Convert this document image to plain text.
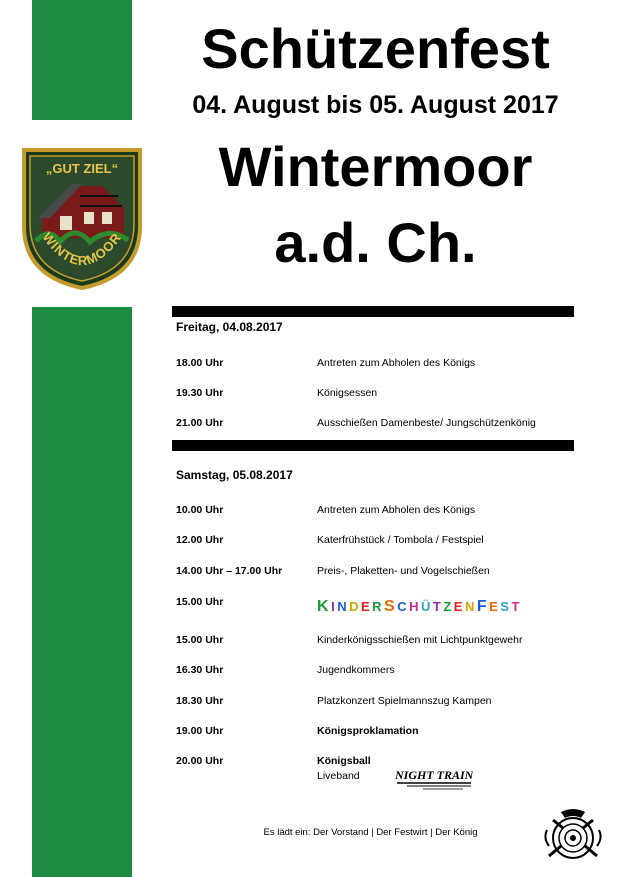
„GUT ZIEL“
WINTERMOOR
Schützenfest
04. August bis 05. August 2017
Wintermoor
a.d. Ch.
Freitag, 04.08.2017
18.00 Uhr	Antreten zum Abholen des Königs
19.30 Uhr	Königsessen
21.00 Uhr	Ausschießen Damenbeste/ Jungschützenkönig
Samstag, 05.08.2017
10.00 Uhr	Antreten zum Abholen des Königs
12.00 Uhr	Katerfrühstück / Tombola / Festspiel
14.00 Uhr – 17.00 Uhr	Preis-, Plaketten- und Vogelschießen
15.00 Uhr	KINDERSCHÜTZENFEST
15.00 Uhr	Kinderkönigsschießen mit Lichtpunktgewehr
16.30 Uhr	Jugendkommers
18.30 Uhr	Platzkonzert Spielmannszug Kampen
19.00 Uhr	Königsproklamation
20.00 Uhr	Königsball
Liveband	NIGHT TRAIN
Es lädt ein: Der Vorstand | Der Festwirt | Der König
